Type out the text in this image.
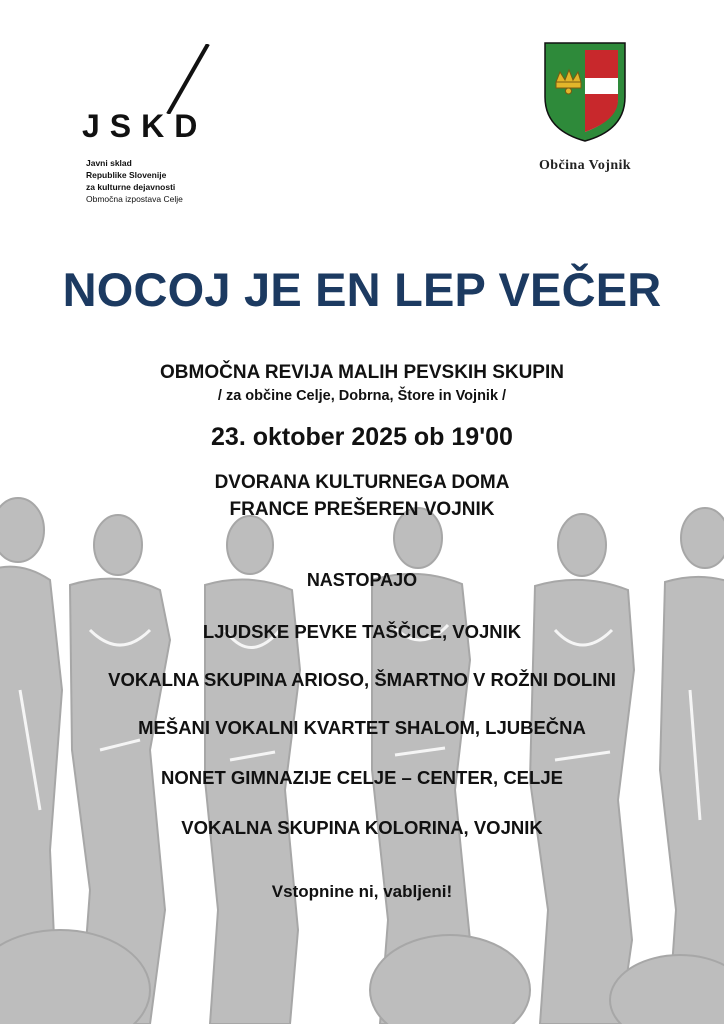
JSKD
Javni sklad
Republike Slovenije
za kulturne dejavnosti
Območna izpostava Celje
Občina Vojnik
NOCOJ JE EN LEP VEČER
OBMOČNA REVIJA MALIH PEVSKIH SKUPIN
/ za občine Celje, Dobrna, Štore in Vojnik /
23. oktober 2025 ob 19'00
DVORANA KULTURNEGA DOMA
FRANCE PREŠEREN VOJNIK
NASTOPAJO
LJUDSKE PEVKE TAŠČICE, VOJNIK
VOKALNA SKUPINA ARIOSO, ŠMARTNO V ROŽNI DOLINI
MEŠANI VOKALNI KVARTET SHALOM, LJUBEČNA
NONET GIMNAZIJE CELJE – CENTER, CELJE
VOKALNA SKUPINA KOLORINA, VOJNIK
Vstopnine ni, vabljeni!
